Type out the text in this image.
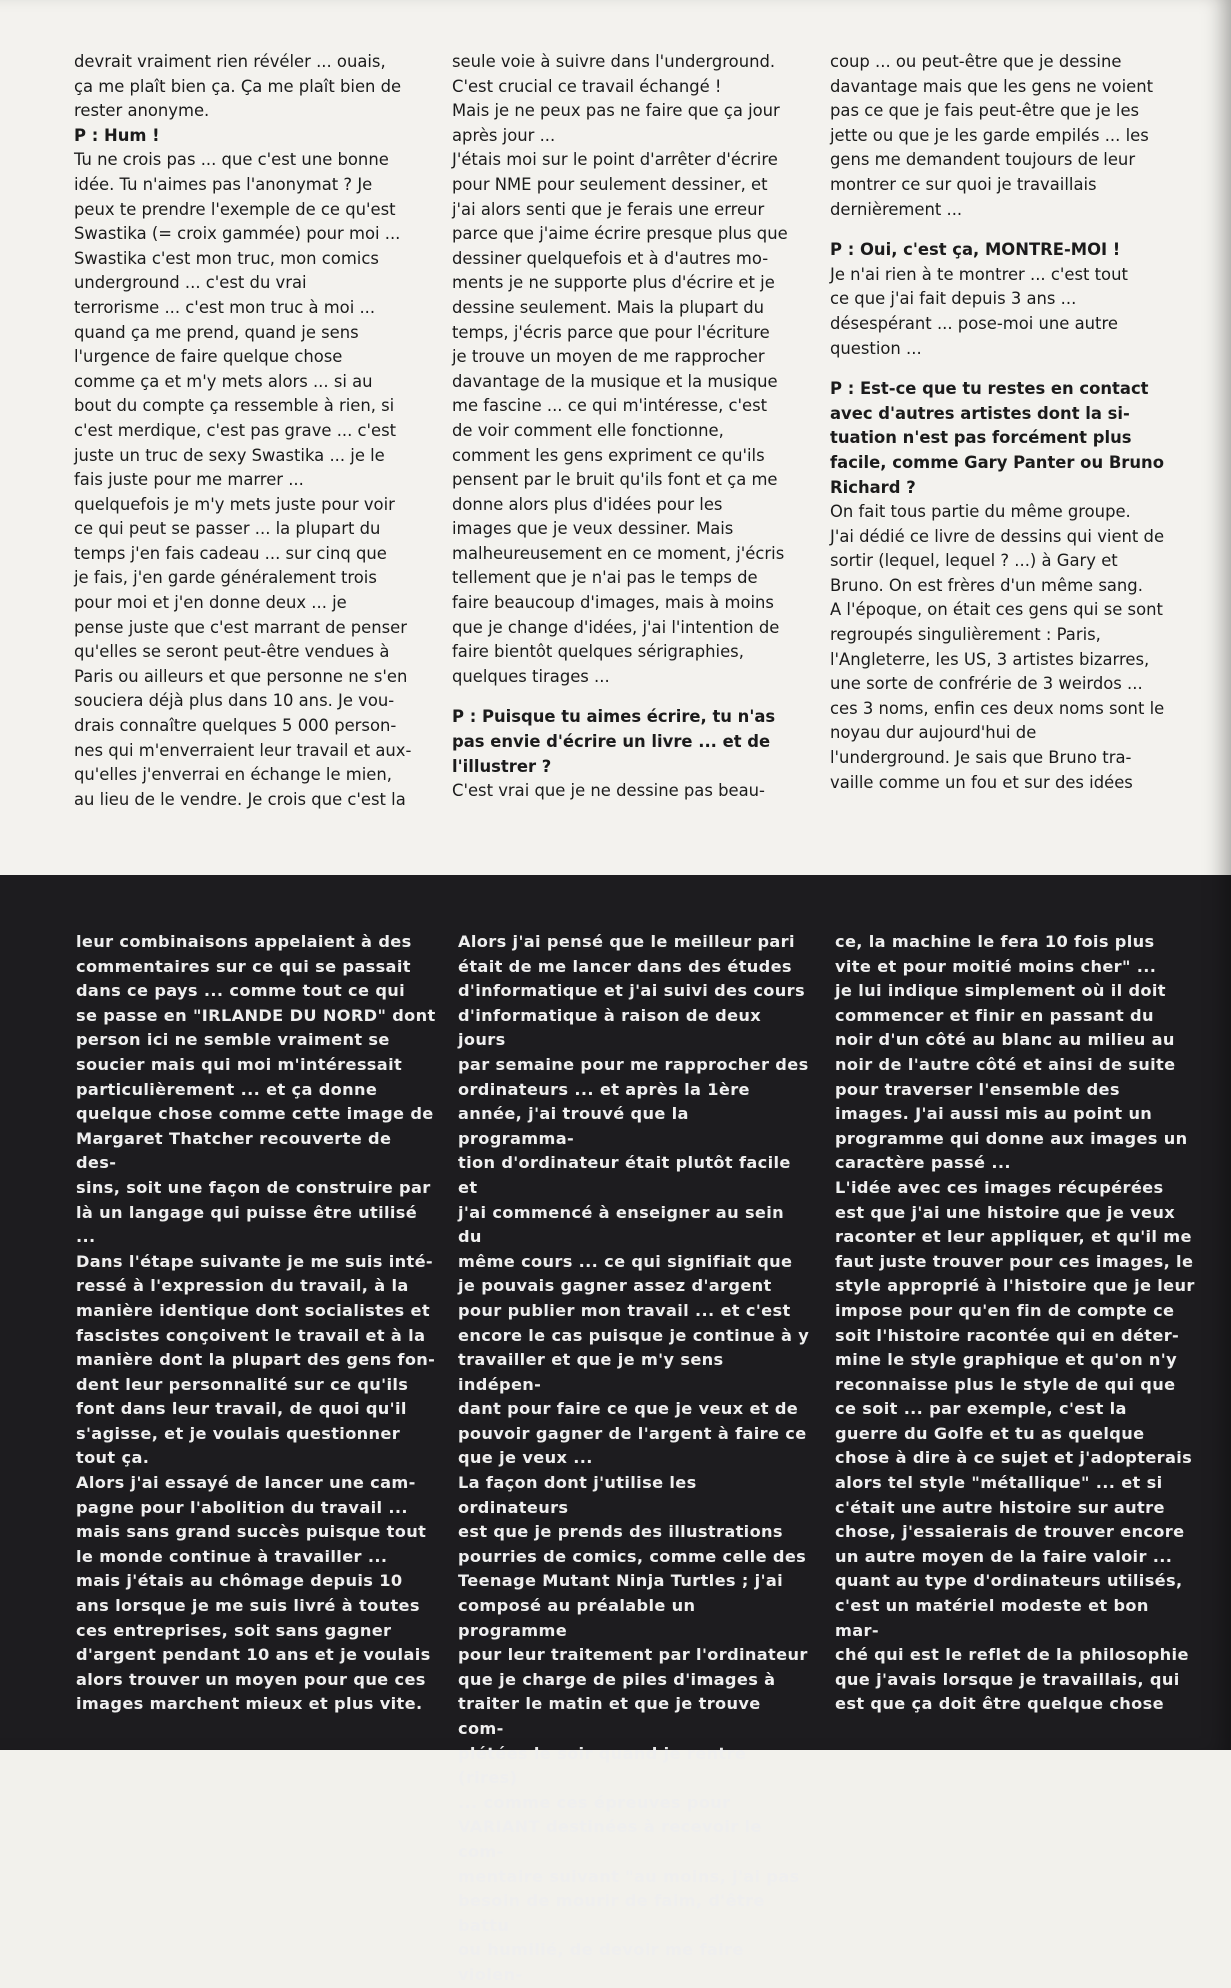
devrait vraiment rien révéler ... ouais,
ça me plaît bien ça. Ça me plaît bien de
rester anonyme.

P : Hum !

Tu ne crois pas ... que c'est une bonne
idée. Tu n'aimes pas l'anonymat ? Je
peux te prendre l'exemple de ce qu'est
Swastika (= croix gammée) pour moi ...
Swastika c'est mon truc, mon comics
underground ... c'est du vrai
terrorisme ... c'est mon truc à moi ...
quand ça me prend, quand je sens
l'urgence de faire quelque chose
comme ça et m'y mets alors ... si au
bout du compte ça ressemble à rien, si
c'est merdique, c'est pas grave ... c'est
juste un truc de sexy Swastika ... je le
fais juste pour me marrer ...
quelquefois je m'y mets juste pour voir
ce qui peut se passer ... la plupart du
temps j'en fais cadeau ... sur cinq que
je fais, j'en garde généralement trois
pour moi et j'en donne deux ... je
pense juste que c'est marrant de penser
qu'elles se seront peut-être vendues à
Paris ou ailleurs et que personne ne s'en
souciera déjà plus dans 10 ans. Je vou-
drais connaître quelques 5 000 person-
nes qui m'enverraient leur travail et aux-
qu'elles j'enverrai en échange le mien,
au lieu de le vendre. Je crois que c'est la

seule voie à suivre dans l'underground.
C'est crucial ce travail échangé !
Mais je ne peux pas ne faire que ça jour
après jour ...
J'étais moi sur le point d'arrêter d'écrire
pour NME pour seulement dessiner, et
j'ai alors senti que je ferais une erreur
parce que j'aime écrire presque plus que
dessiner quelquefois et à d'autres mo-
ments je ne supporte plus d'écrire et je
dessine seulement. Mais la plupart du
temps, j'écris parce que pour l'écriture
je trouve un moyen de me rapprocher
davantage de la musique et la musique
me fascine ... ce qui m'intéresse, c'est
de voir comment elle fonctionne,
comment les gens expriment ce qu'ils
pensent par le bruit qu'ils font et ça me
donne alors plus d'idées pour les
images que je veux dessiner. Mais
malheureusement en ce moment, j'écris
tellement que je n'ai pas le temps de
faire beaucoup d'images, mais à moins
que je change d'idées, j'ai l'intention de
faire bientôt quelques sérigraphies,
quelques tirages ...

P : Puisque tu aimes écrire, tu n'as
pas envie d'écrire un livre ... et de
l'illustrer ?

C'est vrai que je ne dessine pas beau-

coup ... ou peut-être que je dessine
davantage mais que les gens ne voient
pas ce que je fais peut-être que je les
jette ou que je les garde empilés ... les
gens me demandent toujours de leur
montrer ce sur quoi je travaillais
dernièrement ...

P : Oui, c'est ça, MONTRE-MOI !

Je n'ai rien à te montrer ... c'est tout
ce que j'ai fait depuis 3 ans ...
désespérant ... pose-moi une autre
question ...

P : Est-ce que tu restes en contact
avec d'autres artistes dont la si-
tuation n'est pas forcément plus
facile, comme Gary Panter ou Bruno
Richard ?

On fait tous partie du même groupe.
J'ai dédié ce livre de dessins qui vient de
sortir (lequel, lequel ? ...) à Gary et
Bruno. On est frères d'un même sang.
A l'époque, on était ces gens qui se sont
regroupés singulièrement : Paris,
l'Angleterre, les US, 3 artistes bizarres,
une sorte de confrérie de 3 weirdos ...
ces 3 noms, enfin ces deux noms sont le
noyau dur aujourd'hui de
l'underground. Je sais que Bruno tra-
vaille comme un fou et sur des idées

leur combinaisons appelaient à des
commentaires sur ce qui se passait
dans ce pays ... comme tout ce qui
se passe en "IRLANDE DU NORD" dont
person ici ne semble vraiment se
soucier mais qui moi m'intéressait
particulièrement ... et ça donne
quelque chose comme cette image de
Margaret Thatcher recouverte de des-
sins, soit une façon de construire par
là un langage qui puisse être utilisé
...
Dans l'étape suivante je me suis inté-
ressé à l'expression du travail, à la
manière identique dont socialistes et
fascistes conçoivent le travail et à la
manière dont la plupart des gens fon-
dent leur personnalité sur ce qu'ils
font dans leur travail, de quoi qu'il
s'agisse, et je voulais questionner
tout ça.
Alors j'ai essayé de lancer une cam-
pagne pour l'abolition du travail ...
mais sans grand succès puisque tout
le monde continue à travailler ...
mais j'étais au chômage depuis 10
ans lorsque je me suis livré à toutes
ces entreprises, soit sans gagner
d'argent pendant 10 ans et je voulais
alors trouver un moyen pour que ces
images marchent mieux et plus vite.

Alors j'ai pensé que le meilleur pari
était de me lancer dans des études
d'informatique et j'ai suivi des cours
d'informatique à raison de deux jours
par semaine pour me rapprocher des
ordinateurs ... et après la 1ère
année, j'ai trouvé que la programma-
tion d'ordinateur était plutôt facile et
j'ai commencé à enseigner au sein du
même cours ... ce qui signifiait que
je pouvais gagner assez d'argent
pour publier mon travail ... et c'est
encore le cas puisque je continue à y
travailler et que je m'y sens indépen-
dant pour faire ce que je veux et de
pouvoir gagner de l'argent à faire ce
que je veux ...
La façon dont j'utilise les ordinateurs
est que je prends des illustrations
pourries de comics, comme celle des
Teenage Mutant Ninja Turtles ; j'ai
composé au préalable un programme
pour leur traitement par l'ordinateur
que je charge de piles d'images à
traiter le matin et que je trouve com-
plétées le soir quand je rentre (rires)
... comme ces épreuves pour
VARIANT destinées à recevoir le com-
mentaire suivant "au moins, j'ai pas
besoin de mourir de faim, d'être battu
ou humilié, de devoir me faire violen-

ce, la machine le fera 10 fois plus
vite et pour moitié moins cher" ...
je lui indique simplement où il doit
commencer et finir en passant du
noir d'un côté au blanc au milieu au
noir de l'autre côté et ainsi de suite
pour traverser l'ensemble des
images. J'ai aussi mis au point un
programme qui donne aux images un
caractère passé ...
L'idée avec ces images récupérées
est que j'ai une histoire que je veux
raconter et leur appliquer, et qu'il me
faut juste trouver pour ces images, le
style approprié à l'histoire que je leur
impose pour qu'en fin de compte ce
soit l'histoire racontée qui en déter-
mine le style graphique et qu'on n'y
reconnaisse plus le style de qui que
ce soit ... par exemple, c'est la
guerre du Golfe et tu as quelque
chose à dire à ce sujet et j'adopterais
alors tel style "métallique" ... et si
c'était une autre histoire sur autre
chose, j'essaierais de trouver encore
un autre moyen de la faire valoir ...
quant au type d'ordinateurs utilisés,
c'est un matériel modeste et bon mar-
ché qui est le reflet de la philosophie
que j'avais lorsque je travaillais, qui
est que ça doit être quelque chose
